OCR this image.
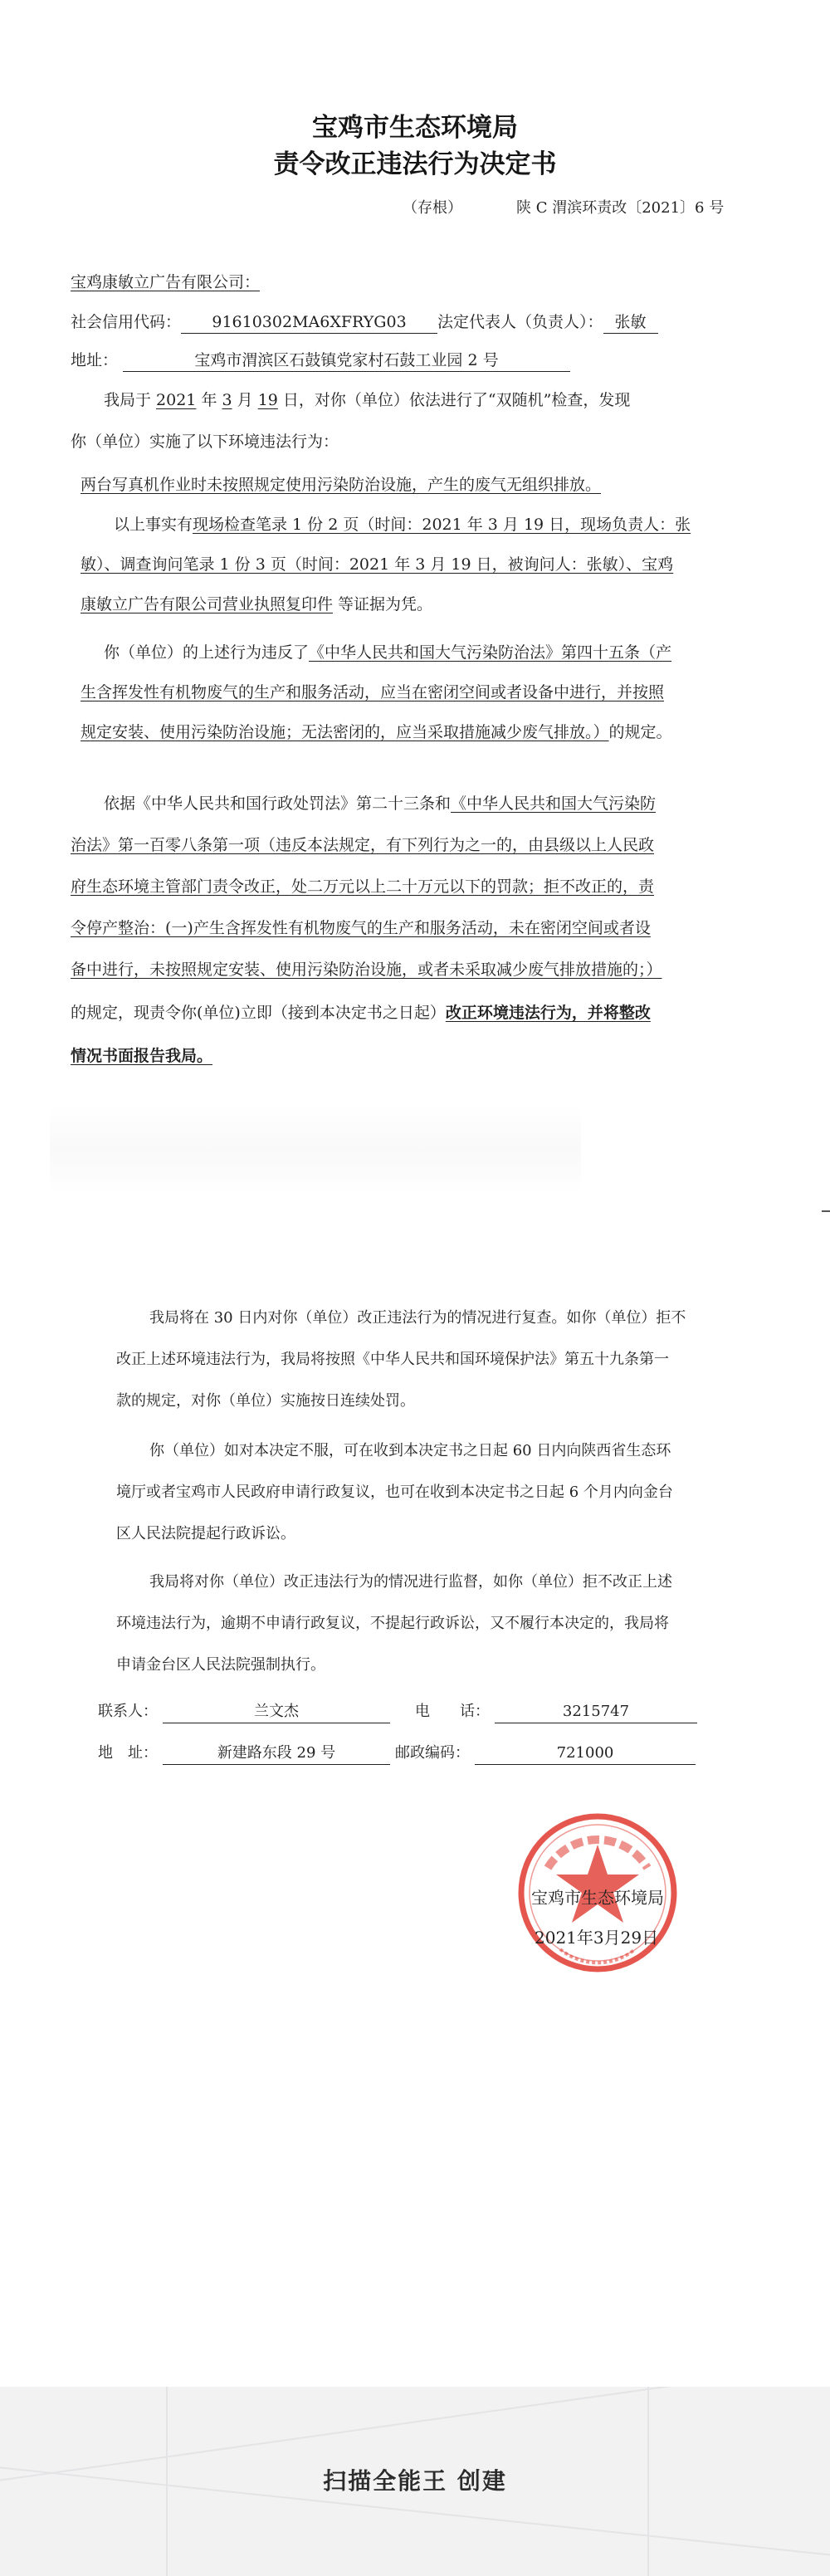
宝鸡市生态环境局
责令改正违法行为决定书
（存根）	陕 C 渭滨环责改〔2021〕6 号
宝鸡康敏立广告有限公司：
社会信用代码： 91610302MA6XFRYG03 法定代表人（负责人）： 张敏
地址：	宝鸡市渭滨区石鼓镇党家村石鼓工业园 2 号
我局于 2021 年 3 月 19 日，对你（单位）依法进行了“双随机”检查，发现
你（单位）实施了以下环境违法行为：
两台写真机作业时未按照规定使用污染防治设施，产生的废气无组织排放。
以上事实有现场检查笔录 1 份 2 页（时间：2021 年 3 月 19 日，现场负责人：张
敏）、调查询问笔录 1 份 3 页（时间：2021 年 3 月 19 日，被询问人：张敏）、宝鸡
康敏立广告有限公司营业执照复印件 等证据为凭。
你（单位）的上述行为违反了《中华人民共和国大气污染防治法》第四十五条（产
生含挥发性有机物废气的生产和服务活动，应当在密闭空间或者设备中进行，并按照
规定安装、使用污染防治设施；无法密闭的，应当采取措施减少废气排放。）的规定。
依据《中华人民共和国行政处罚法》第二十三条和《中华人民共和国大气污染防
治法》第一百零八条第一项（违反本法规定，有下列行为之一的，由县级以上人民政
府生态环境主管部门责令改正，处二万元以上二十万元以下的罚款；拒不改正的，责
令停产整治：(一)产生含挥发性有机物废气的生产和服务活动，未在密闭空间或者设
备中进行，未按照规定安装、使用污染防治设施，或者未采取减少废气排放措施的；）
的规定，现责令你(单位)立即（接到本决定书之日起）改正环境违法行为，并将整改
情况书面报告我局。
我局将在 30 日内对你（单位）改正违法行为的情况进行复查。如你（单位）拒不
改正上述环境违法行为，我局将按照《中华人民共和国环境保护法》第五十九条第一
款的规定，对你（单位）实施按日连续处罚。
你（单位）如对本决定不服，可在收到本决定书之日起 60 日内向陕西省生态环
境厅或者宝鸡市人民政府申请行政复议，也可在收到本决定书之日起 6 个月内向金台
区人民法院提起行政诉讼。
我局将对你（单位）改正违法行为的情况进行监督，如你（单位）拒不改正上述
环境违法行为，逾期不申请行政复议，不提起行政诉讼，又不履行本决定的，我局将
申请金台区人民法院强制执行。
联系人：	兰文杰	电　　话：	3215747
地　址：	新建路东段 29 号	邮政编码：	721000
宝鸡市生态环境局
2021年3月29日
扫描全能王 创建
